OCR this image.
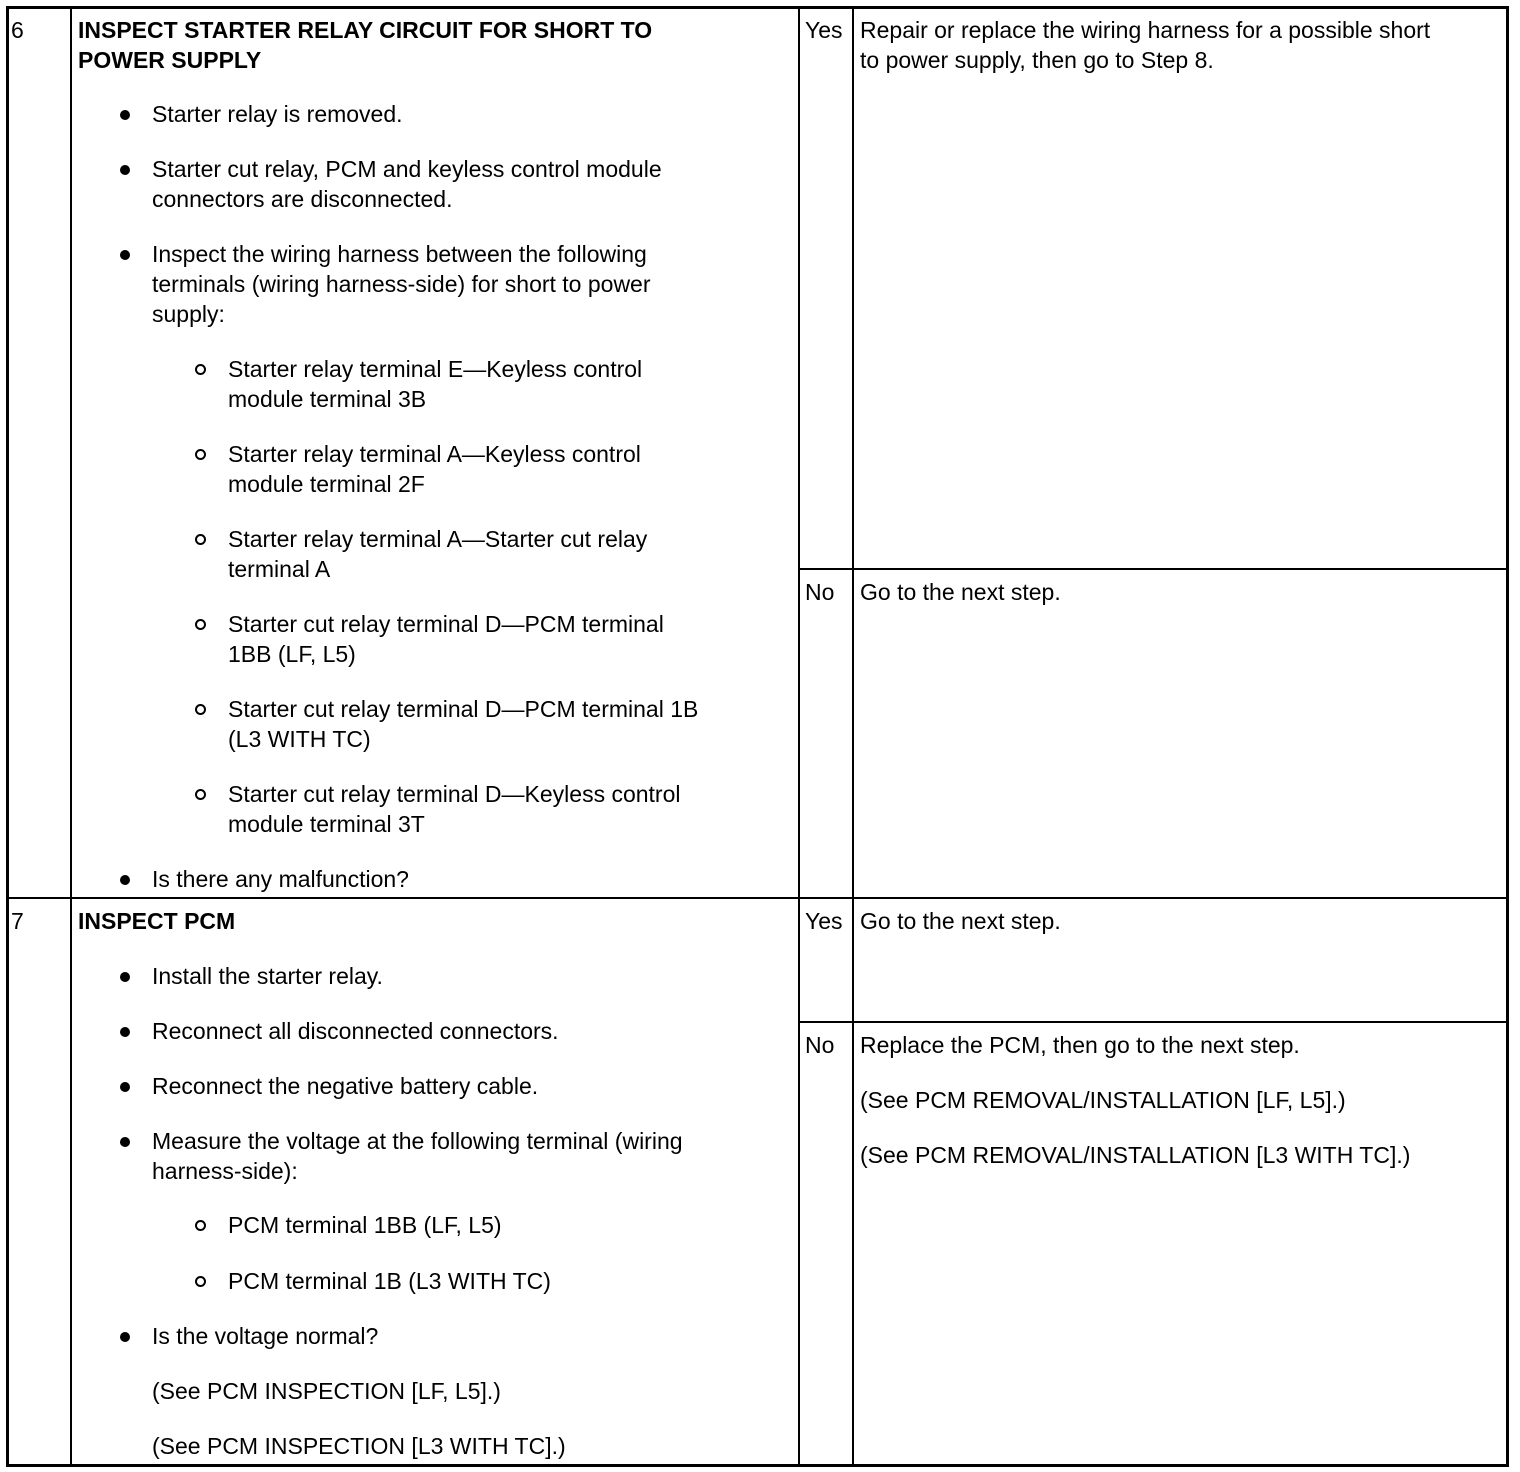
6 INSPECT STARTER RELAY CIRCUIT FOR SHORT TO
POWER SUPPLY
Starter relay is removed.
Starter cut relay, PCM and keyless control module
connectors are disconnected.
Inspect the wiring harness between the following
terminals (wiring harness-side) for short to power
supply:
Starter relay terminal E—Keyless control
module terminal 3B
Starter relay terminal A—Keyless control
module terminal 2F
Starter relay terminal A—Starter cut relay
terminal A
Starter cut relay terminal D—PCM terminal
1BB (LF, L5)
Starter cut relay terminal D—PCM terminal 1B
(L3 WITH TC)
Starter cut relay terminal D—Keyless control
module terminal 3T
Is there any malfunction?
Yes Repair or replace the wiring harness for a possible short
to power supply, then go to Step 8.
No Go to the next step.
7 INSPECT PCM
Install the starter relay.
Reconnect all disconnected connectors.
Reconnect the negative battery cable.
Measure the voltage at the following terminal (wiring
harness-side):
PCM terminal 1BB (LF, L5)
PCM terminal 1B (L3 WITH TC)
Is the voltage normal?
(See PCM INSPECTION [LF, L5].)
(See PCM INSPECTION [L3 WITH TC].)
Yes Go to the next step.
No Replace the PCM, then go to the next step.
(See PCM REMOVAL/INSTALLATION [LF, L5].)
(See PCM REMOVAL/INSTALLATION [L3 WITH TC].)
